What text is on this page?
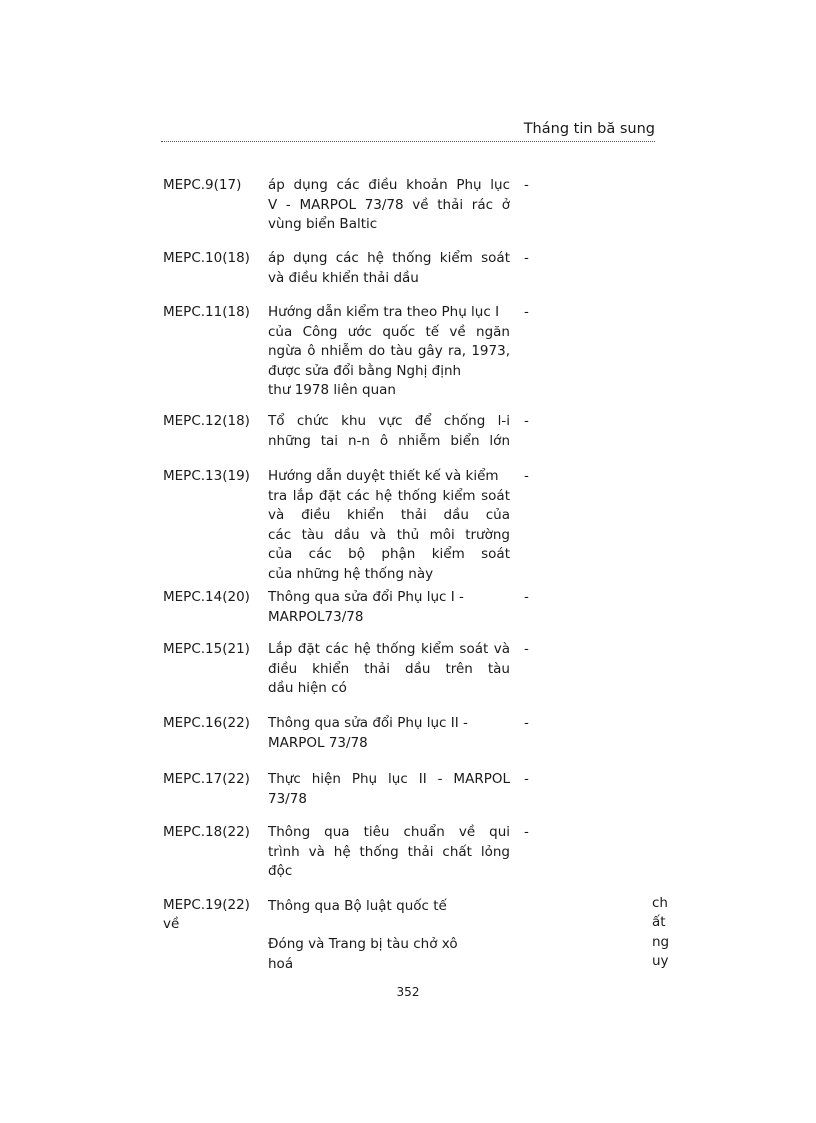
Tháng tin bă sung
MEPC.9(17) áp dụng các điều khoản Phụ lục
V - MARPOL 73/78 về thải rác ở
vùng biển Baltic
-
MEPC.10(18) áp dụng các hệ thống kiểm soát
và điều khiển thải dầu
-
MEPC.11(18) Hướng dẫn kiểm tra theo Phụ lục I
của Công ước quốc tế về ngăn
ngừa ô nhiễm do tàu gây ra, 1973,
được sửa đổi bằng Nghị định
thư 1978 liên quan
-
MEPC.12(18) Tổ chức khu vực để chống l-i
những tai n-n ô nhiễm biển lớn
-
MEPC.13(19) Hướng dẫn duyệt thiết kế và kiểm
tra lắp đặt các hệ thống kiểm soát
và điều khiển thải dầu của
các tàu dầu và thủ môi trường
của các bộ phận kiểm soát
của những hệ thống này
-
MEPC.14(20) Thông qua sửa đổi Phụ lục I -
MARPOL73/78
-
MEPC.15(21) Lắp đặt các hệ thống kiểm soát và
điều khiển thải dầu trên tàu
dầu hiện có
-
MEPC.16(22) Thông qua sửa đổi Phụ lục II -
MARPOL 73/78
-
MEPC.17(22) Thực hiện Phụ lục II - MARPOL
73/78
-
MEPC.18(22) Thông qua tiêu chuẩn về qui
trình và hệ thống thải chất lỏng
độc
-
MEPC.19(22)
về
Thông qua Bộ luật quốc tế
Đóng và Trang bị tàu chở xô
hoá
ch
ất
ng
uy
352
